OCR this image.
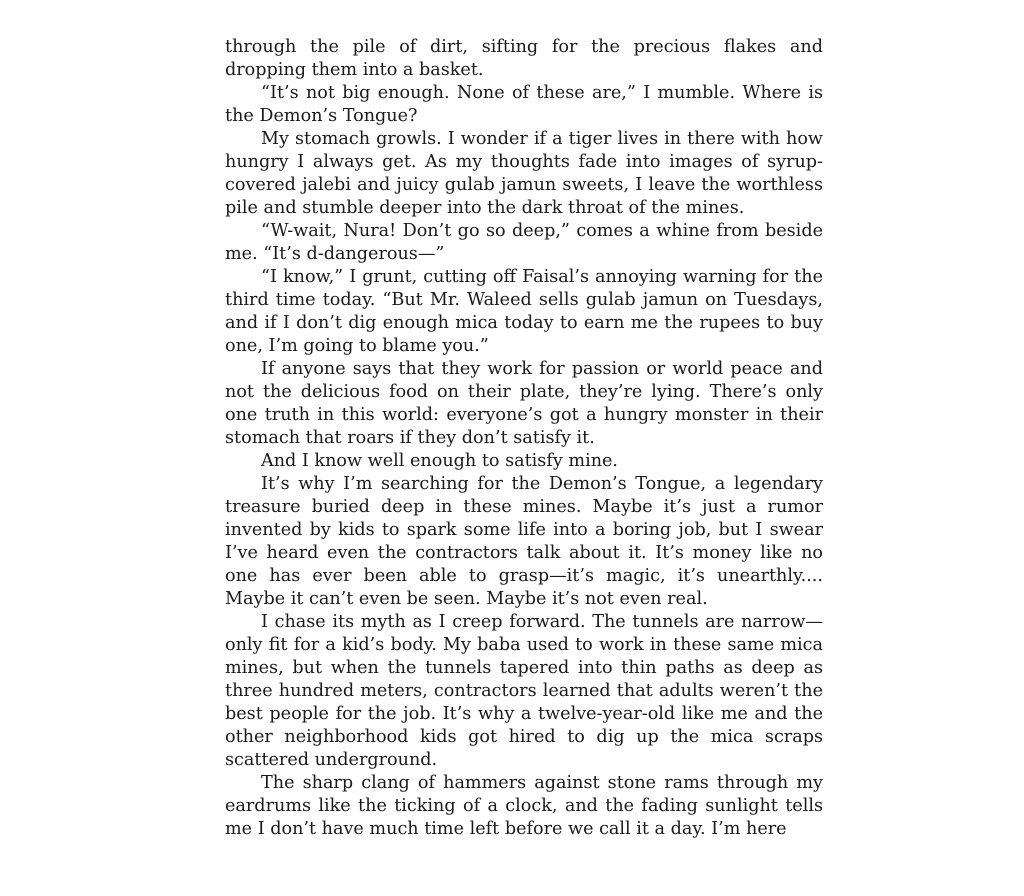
through the pile of dirt, sifting for the precious flakes and dropping them into a basket.

“It’s not big enough. None of these are,” I mumble. Where is the Demon’s Tongue?

My stomach growls. I wonder if a tiger lives in there with how hungry I always get. As my thoughts fade into images of syrup-covered jalebi and juicy gulab jamun sweets, I leave the worthless pile and stumble deeper into the dark throat of the mines.

“W-wait, Nura! Don’t go so deep,” comes a whine from beside me. “It’s d-dangerous—”

“I know,” I grunt, cutting off Faisal’s annoying warning for the third time today. “But Mr. Waleed sells gulab jamun on Tuesdays, and if I don’t dig enough mica today to earn me the rupees to buy one, I’m going to blame you.”

If anyone says that they work for passion or world peace and not the delicious food on their plate, they’re lying. There’s only one truth in this world: everyone’s got a hungry monster in their stomach that roars if they don’t satisfy it.

And I know well enough to satisfy mine.

It’s why I’m searching for the Demon’s Tongue, a legendary treasure buried deep in these mines. Maybe it’s just a rumor invented by kids to spark some life into a boring job, but I swear I’ve heard even the contractors talk about it. It’s money like no one has ever been able to grasp—it’s magic, it’s unearthly.... Maybe it can’t even be seen. Maybe it’s not even real.

I chase its myth as I creep forward. The tunnels are narrow—only fit for a kid’s body. My baba used to work in these same mica mines, but when the tunnels tapered into thin paths as deep as three hundred meters, contractors learned that adults weren’t the best people for the job. It’s why a twelve-year-old like me and the other neighborhood kids got hired to dig up the mica scraps scattered underground.

The sharp clang of hammers against stone rams through my eardrums like the ticking of a clock, and the fading sunlight tells me I don’t have much time left before we call it a day. I’m here
